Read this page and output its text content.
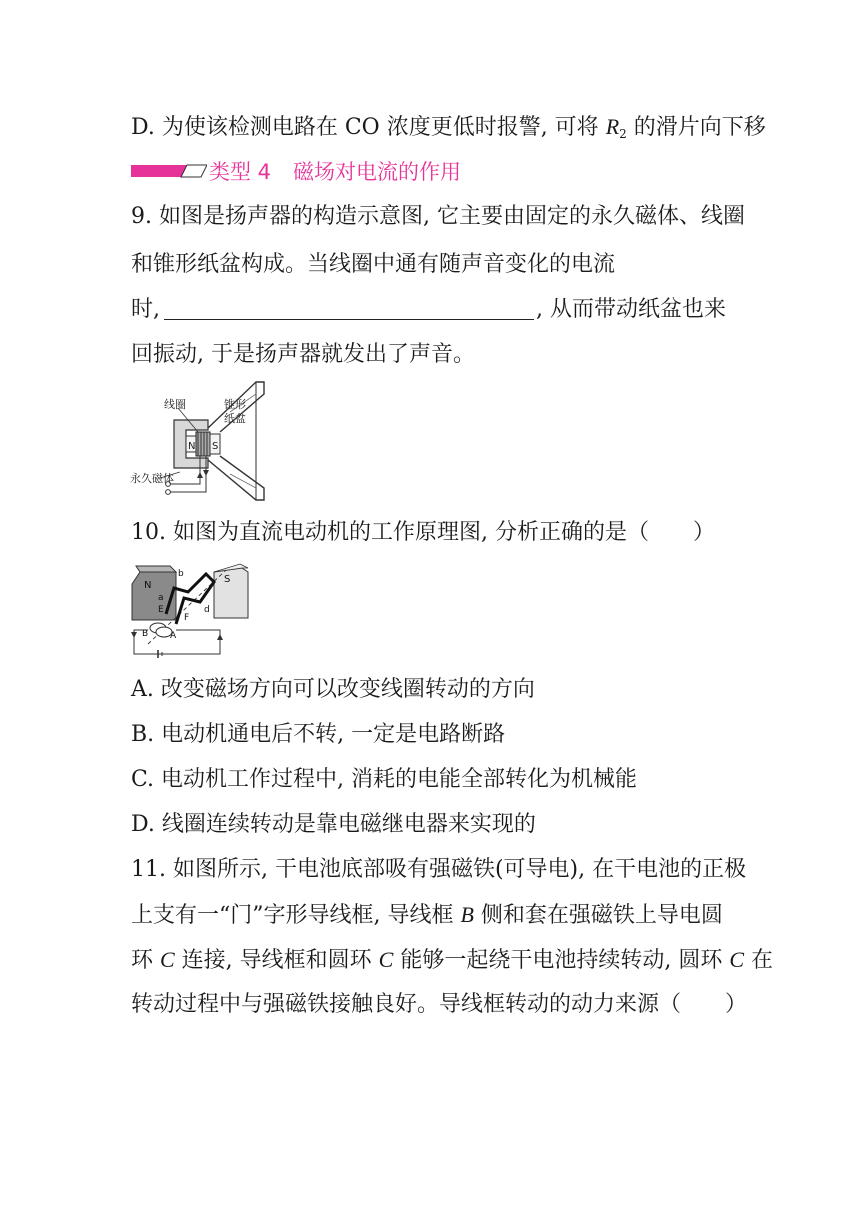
D. 为使该检测电路在 CO 浓度更低时报警, 可将 $R_2$ 的滑片向下移
类型 4 磁场对电流的作用
9. 如图是扬声器的构造示意图, 它主要由固定的永久磁体、线圈
和锥形纸盆构成。当线圈中通有随声音变化的电流
时,	, 从而带动纸盆也来
回振动, 于是扬声器就发出了声音。
线圈	锥形
纸盆
N S
永久磁体
10. 如图为直流电动机的工作原理图, 分析正确的是（　　）
N
S
b
a
E
F
d
B A
A. 改变磁场方向可以改变线圈转动的方向
B. 电动机通电后不转, 一定是电路断路
C. 电动机工作过程中, 消耗的电能全部转化为机械能
D. 线圈连续转动是靠电磁继电器来实现的
11. 如图所示, 干电池底部吸有强磁铁(可导电), 在干电池的正极
上支有一“门”字形导线框, 导线框 B 侧和套在强磁铁上导电圆
环 C 连接, 导线框和圆环 C 能够一起绕干电池持续转动, 圆环 C 在
转动过程中与强磁铁接触良好。导线框转动的动力来源（　　）
